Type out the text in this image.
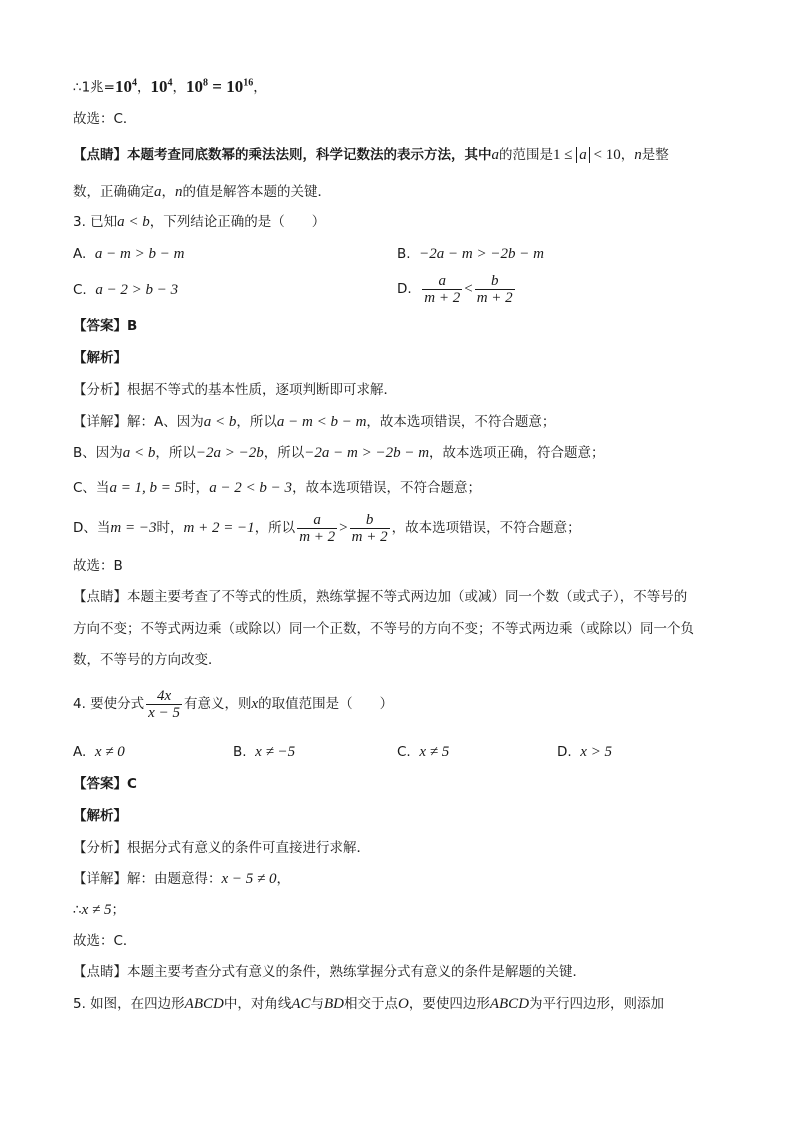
∴1兆$=10^4$，$10^4$，$10^8 = 10^{16}$，
故选：C．
【点睛】本题考查同底数幂的乘法法则，科学记数法的表示方法，其中a的范围是1 ≤ a < 10，n是整
数，正确确定a，n的值是解答本题的关键．
3. 已知a < b，下列结论正确的是（　　）
A. a − m > b − m	B. −2a − m > −2b − m
C. a − 2 > b − 3	D. $\frac{a}{m + 2} < \frac{b}{m + 2}$
【答案】B
【解析】
【分析】根据不等式的基本性质，逐项判断即可求解．
【详解】解：A、因为a < b，所以a − m < b − m，故本选项错误，不符合题意；
B、因为a < b，所以−2a > −2b，所以−2a − m > −2b − m，故本选项正确，符合题意；
C、当a = 1, b = 5时，a − 2 < b − 3，故本选项错误，不符合题意；
D、当m = −3时，m + 2 = −1，所以 $\frac{a}{m + 2} > \frac{b}{m + 2}$ ，故本选项错误，不符合题意；
故选：B
【点睛】本题主要考查了不等式的性质，熟练掌握不等式两边加（或减）同一个数（或式子），不等号的
方向不变；不等式两边乘（或除以）同一个正数，不等号的方向不变；不等式两边乘（或除以）同一个负
数，不等号的方向改变．
4. 要使分式 $\frac{4x}{x - 5}$ 有意义，则x的取值范围是（　　）
A. x ≠ 0	B. x ≠ −5	C. x ≠ 5	D. x > 5
【答案】C
【解析】
【分析】根据分式有意义的条件可直接进行求解．
【详解】解：由题意得：x − 5 ≠ 0，
∴x ≠ 5；
故选：C．
【点睛】本题主要考查分式有意义的条件，熟练掌握分式有意义的条件是解题的关键．
5. 如图，在四边形ABCD中，对角线AC与BD相交于点O，要使四边形ABCD为平行四边形，则添加
